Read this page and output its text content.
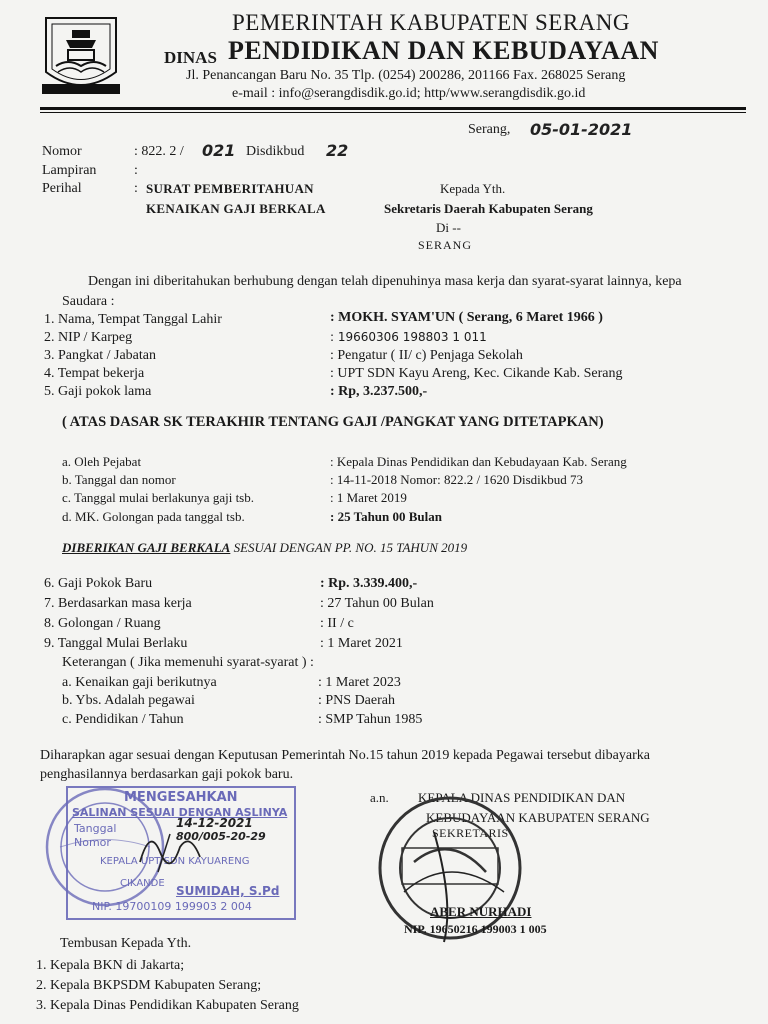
PEMERINTAH KABUPATEN SERANG
DINAS PENDIDIKAN DAN KEBUDAYAAN
Jl. Penancangan Baru No. 35 Tlp. (0254) 200286, 201166 Fax. 268025 Serang
e-mail : info@serangdisdik.go.id; http/www.serangdisdik.go.id
Serang, 05-01-2021
Nomor	: 822. 2 / 021 Disdikbud 22
Lampiran	:
Perihal	: SURAT PEMBERITAHUAN
KENAIKAN GAJI BERKALA
Kepada Yth.
Sekretaris Daerah Kabupaten Serang
Di --
SERANG
Dengan ini diberitahukan berhubung dengan telah dipenuhinya masa kerja dan syarat-syarat lainnya, kepa
Saudara :
1. Nama, Tempat Tanggal Lahir	: MOKH. SYAM'UN ( Serang, 6 Maret 1966 )
2. NIP / Karpeg	: 19660306 198803 1 011
3. Pangkat / Jabatan	: Pengatur ( II/ c) Penjaga Sekolah
4. Tempat bekerja	: UPT SDN Kayu Areng, Kec. Cikande Kab. Serang
5. Gaji pokok lama	: Rp, 3.237.500,-
( ATAS DASAR SK TERAKHIR TENTANG GAJI /PANGKAT YANG DITETAPKAN)
a. Oleh Pejabat	: Kepala Dinas Pendidikan dan Kebudayaan Kab. Serang
b. Tanggal dan nomor	: 14-11-2018 Nomor: 822.2 / 1620 Disdikbud 73
c. Tanggal mulai berlakunya gaji tsb.	: 1 Maret 2019
d. MK. Golongan pada tanggal tsb.	: 25 Tahun 00 Bulan
DIBERIKAN GAJI BERKALA SESUAI DENGAN PP. NO. 15 TAHUN 2019
6. Gaji Pokok Baru	: Rp. 3.339.400,-
7. Berdasarkan masa kerja	: 27 Tahun 00 Bulan
8. Golongan / Ruang	: II / c
9. Tanggal Mulai Berlaku	: 1 Maret 2021
Keterangan ( Jika memenuhi syarat-syarat ) :
a. Kenaikan gaji berikutnya	: 1 Maret 2023
b. Ybs. Adalah pegawai	: PNS Daerah
c. Pendidikan / Tahun	: SMP Tahun 1985
Diharapkan agar sesuai dengan Keputusan Pemerintah No.15 tahun 2019 kepada Pegawai tersebut dibayarka
penghasilannya berdasarkan gaji pokok baru.
MENGESAHKAN
SALINAN SESUAI DENGAN ASLINYA
Tanggal	14-12-2021
Nomor	800/005-20-29
KEPALA UPT SDN KAYUARENG
CIKANDE
SUMIDAH, S.Pd
NIP. 19700109 199903 2 004
a.n. KEPALA DINAS PENDIDIKAN DAN
KEBUDAYAAN KABUPATEN SERANG
SEKRETARIS
ABER NURHADI
NIP. 19650216 199003 1 005
Tembusan Kepada Yth.
1. Kepala BKN di Jakarta;
2. Kepala BKPSDM Kabupaten Serang;
3. Kepala Dinas Pendidikan Kabupaten Serang
